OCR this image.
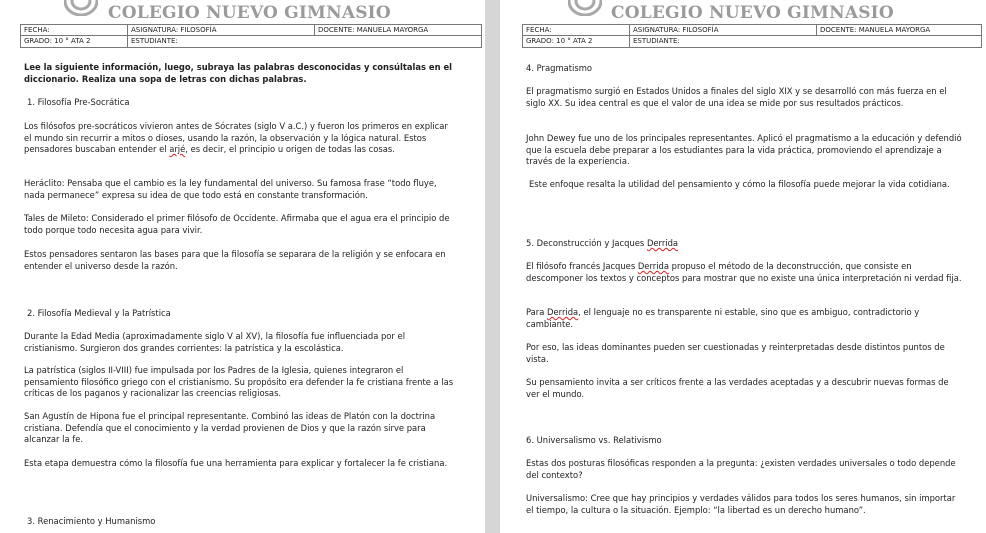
COLEGIO NUEVO GIMNASIO
FECHA:	ASIGNATURA: FILOSOFÍA	DOCENTE: MANUELA MAYORGA
GRADO: 10 ° ATA 2	ESTUDIANTE:	

Lee la siguiente información, luego, subraya las palabras desconocidas y consúltalas en el diccionario. Realiza una sopa de letras con dichas palabras.

1. Filosofía Pre-Socrática

Los filósofos pre-socráticos vivieron antes de Sócrates (siglo V a.C.) y fueron los primeros en explicar el mundo sin recurrir a mitos o dioses, usando la razón, la observación y la lógica natural. Estos pensadores buscaban entender el arjé, es decir, el principio u origen de todas las cosas.

Heráclito: Pensaba que el cambio es la ley fundamental del universo. Su famosa frase “todo fluye, nada permanece” expresa su idea de que todo está en constante transformación.

Tales de Mileto: Considerado el primer filósofo de Occidente. Afirmaba que el agua era el principio de todo porque todo necesita agua para vivir.

Estos pensadores sentaron las bases para que la filosofía se separara de la religión y se enfocara en entender el universo desde la razón.

2. Filosofía Medieval y la Patrística

Durante la Edad Media (aproximadamente siglo V al XV), la filosofía fue influenciada por el cristianismo. Surgieron dos grandes corrientes: la patrística y la escolástica.

La patrística (siglos II-VIII) fue impulsada por los Padres de la Iglesia, quienes integraron el pensamiento filosófico griego con el cristianismo. Su propósito era defender la fe cristiana frente a las críticas de los paganos y racionalizar las creencias religiosas.

San Agustín de Hipona fue el principal representante. Combinó las ideas de Platón con la doctrina cristiana. Defendía que el conocimiento y la verdad provienen de Dios y que la razón sirve para alcanzar la fe.

Esta etapa demuestra cómo la filosofía fue una herramienta para explicar y fortalecer la fe cristiana.

3. Renacimiento y Humanismo

COLEGIO NUEVO GIMNASIO
FECHA:	ASIGNATURA: FILOSOFÍA	DOCENTE: MANUELA MAYORGA
GRADO: 10 ° ATA 2	ESTUDIANTE:	

4. Pragmatismo

El pragmatismo surgió en Estados Unidos a finales del siglo XIX y se desarrolló con más fuerza en el siglo XX. Su idea central es que el valor de una idea se mide por sus resultados prácticos.

John Dewey fue uno de los principales representantes. Aplicó el pragmatismo a la educación y defendió que la escuela debe preparar a los estudiantes para la vida práctica, promoviendo el aprendizaje a través de la experiencia.

Este enfoque resalta la utilidad del pensamiento y cómo la filosofía puede mejorar la vida cotidiana.

5. Deconstrucción y Jacques Derrida

El filósofo francés Jacques Derrida propuso el método de la deconstrucción, que consiste en descomponer los textos y conceptos para mostrar que no existe una única interpretación ni verdad fija.

Para Derrida, el lenguaje no es transparente ni estable, sino que es ambiguo, contradictorio y cambiante.

Por eso, las ideas dominantes pueden ser cuestionadas y reinterpretadas desde distintos puntos de vista.

Su pensamiento invita a ser críticos frente a las verdades aceptadas y a descubrir nuevas formas de ver el mundo.

6. Universalismo vs. Relativismo

Estas dos posturas filosóficas responden a la pregunta: ¿existen verdades universales o todo depende del contexto?

Universalismo: Cree que hay principios y verdades válidos para todos los seres humanos, sin importar el tiempo, la cultura o la situación. Ejemplo: “la libertad es un derecho humano”.
